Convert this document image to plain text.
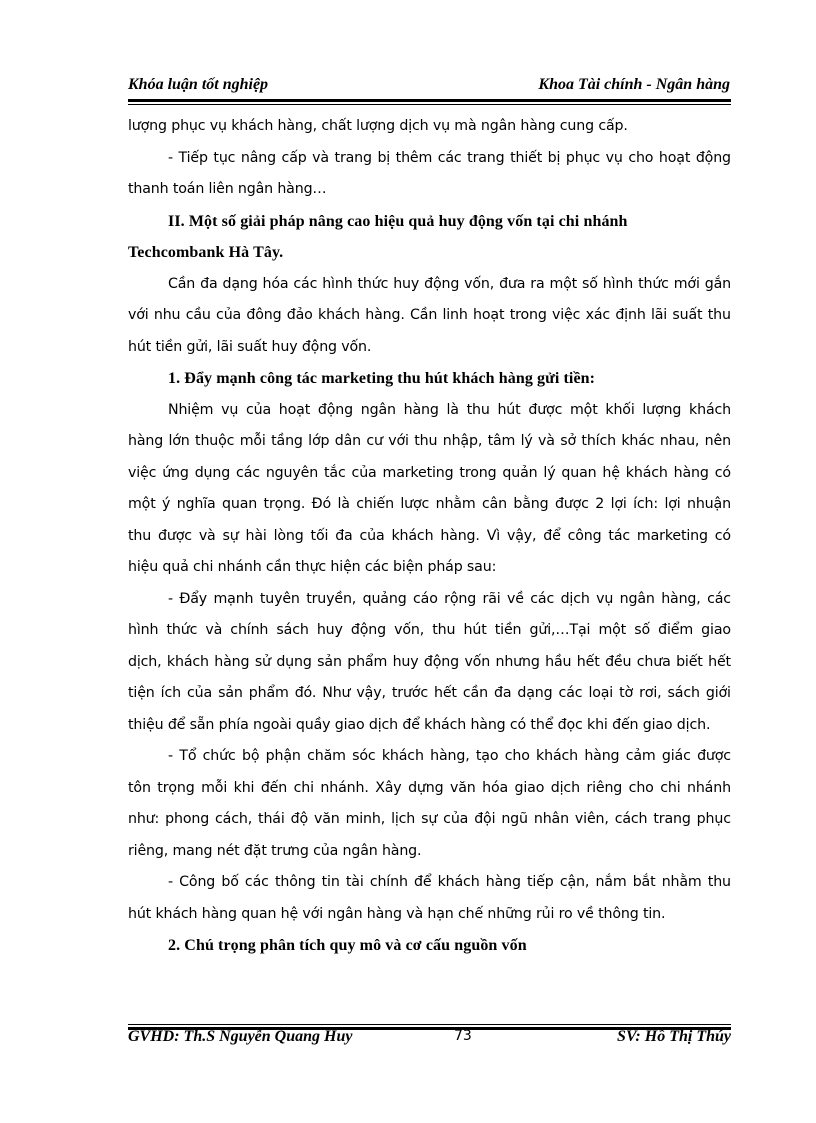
Khóa luận tốt nghiệp	Khoa Tài chính - Ngân hàng
lượng phục vụ khách hàng, chất lượng dịch vụ mà ngân hàng cung cấp.
- Tiếp tục nâng cấp và trang bị thêm các trang thiết bị phục vụ cho hoạt động
thanh toán liên ngân hàng…
II. Một số giải pháp nâng cao hiệu quả huy động vốn tại chi nhánh
Techcombank Hà Tây.
Cần đa dạng hóa các hình thức huy động vốn, đưa ra một số hình thức mới gắn
với nhu cầu của đông đảo khách hàng. Cần linh hoạt trong việc xác định lãi suất thu
hút tiền gửi, lãi suất huy động vốn.
1. Đẩy mạnh công tác marketing thu hút khách hàng gửi tiền:
Nhiệm vụ của hoạt động ngân hàng là thu hút được một khối lượng khách
hàng lớn thuộc mỗi tầng lớp dân cư với thu nhập, tâm lý và sở thích khác nhau, nên
việc ứng dụng các nguyên tắc của marketing trong quản lý quan hệ khách hàng có
một ý nghĩa quan trọng. Đó là chiến lược nhằm cân bằng được 2 lợi ích: lợi nhuận
thu được và sự hài lòng tối đa của khách hàng. Vì vậy, để công tác marketing có
hiệu quả chi nhánh cần thực hiện các biện pháp sau:
- Đẩy mạnh tuyên truyền, quảng cáo rộng rãi về các dịch vụ ngân hàng, các
hình thức và chính sách huy động vốn, thu hút tiền gửi,…Tại một số điểm giao
dịch, khách hàng sử dụng sản phẩm huy động vốn nhưng hầu hết đều chưa biết hết
tiện ích của sản phẩm đó. Như vậy, trước hết cần đa dạng các loại tờ rơi, sách giới
thiệu để sẵn phía ngoài quầy giao dịch để khách hàng có thể đọc khi đến giao dịch.
- Tổ chức bộ phận chăm sóc khách hàng, tạo cho khách hàng cảm giác được
tôn trọng mỗi khi đến chi nhánh. Xây dựng văn hóa giao dịch riêng cho chi nhánh
như: phong cách, thái độ văn minh, lịch sự của đội ngũ nhân viên, cách trang phục
riêng, mang nét đặt trưng của ngân hàng.
- Công bố các thông tin tài chính để khách hàng tiếp cận, nắm bắt nhằm thu
hút khách hàng quan hệ với ngân hàng và hạn chế những rủi ro về thông tin.
2. Chú trọng phân tích quy mô và cơ cấu nguồn vốn
GVHD: Th.S Nguyễn Quang Huy	73	SV: Hồ Thị Thúy
